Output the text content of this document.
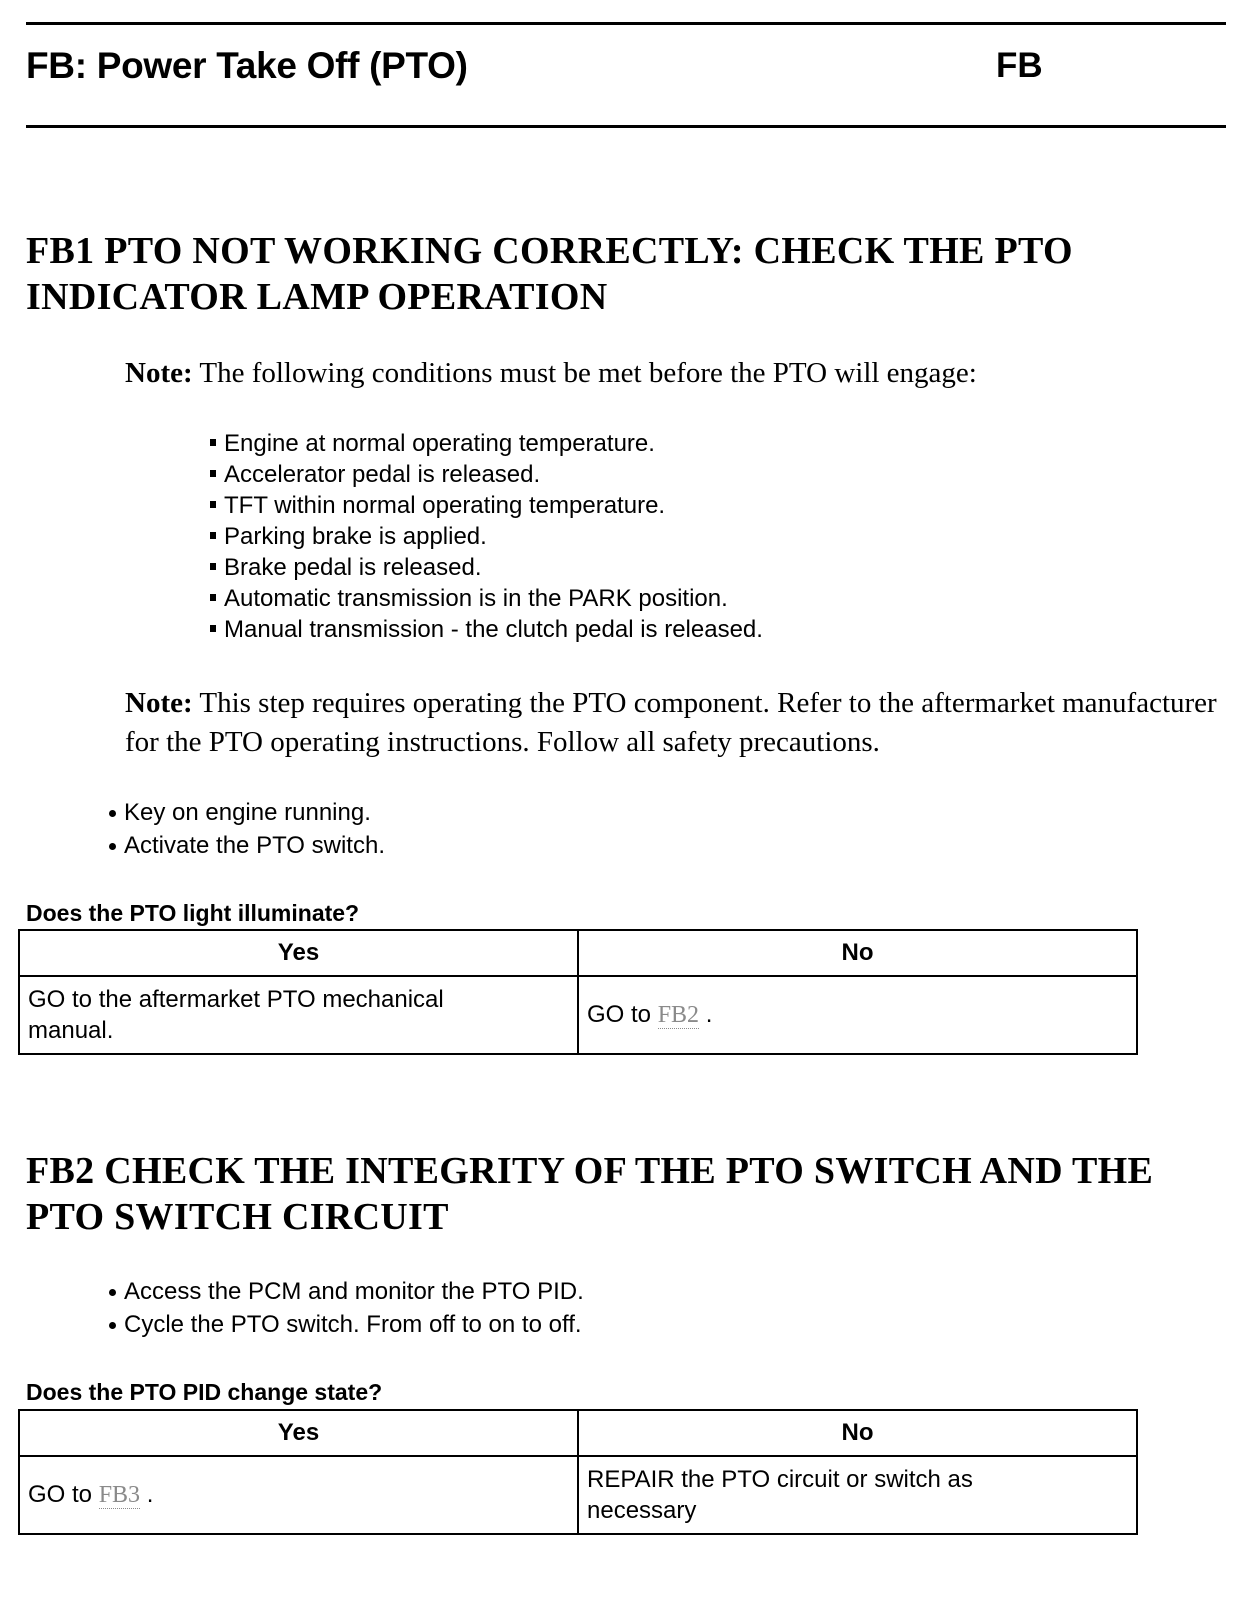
FB: Power Take Off (PTO)	FB
FB1 PTO NOT WORKING CORRECTLY: CHECK THE PTO
INDICATOR LAMP OPERATION
Note: The following conditions must be met before the PTO will engage:
Engine at normal operating temperature.
Accelerator pedal is released.
TFT within normal operating temperature.
Parking brake is applied.
Brake pedal is released.
Automatic transmission is in the PARK position.
Manual transmission - the clutch pedal is released.
Note: This step requires operating the PTO component. Refer to the aftermarket manufacturer for the PTO operating instructions. Follow all safety precautions.
Key on engine running.
Activate the PTO switch.
Does the PTO light illuminate?
Yes	No

GO to the aftermarket PTO mechanical
manual.	GO to FB2 .
FB2 CHECK THE INTEGRITY OF THE PTO SWITCH AND THE
PTO SWITCH CIRCUIT
Access the PCM and monitor the PTO PID.
Cycle the PTO switch. From off to on to off.
Does the PTO PID change state?
Yes	No
GO to FB3 .	REPAIR the PTO circuit or switch as
necessary
